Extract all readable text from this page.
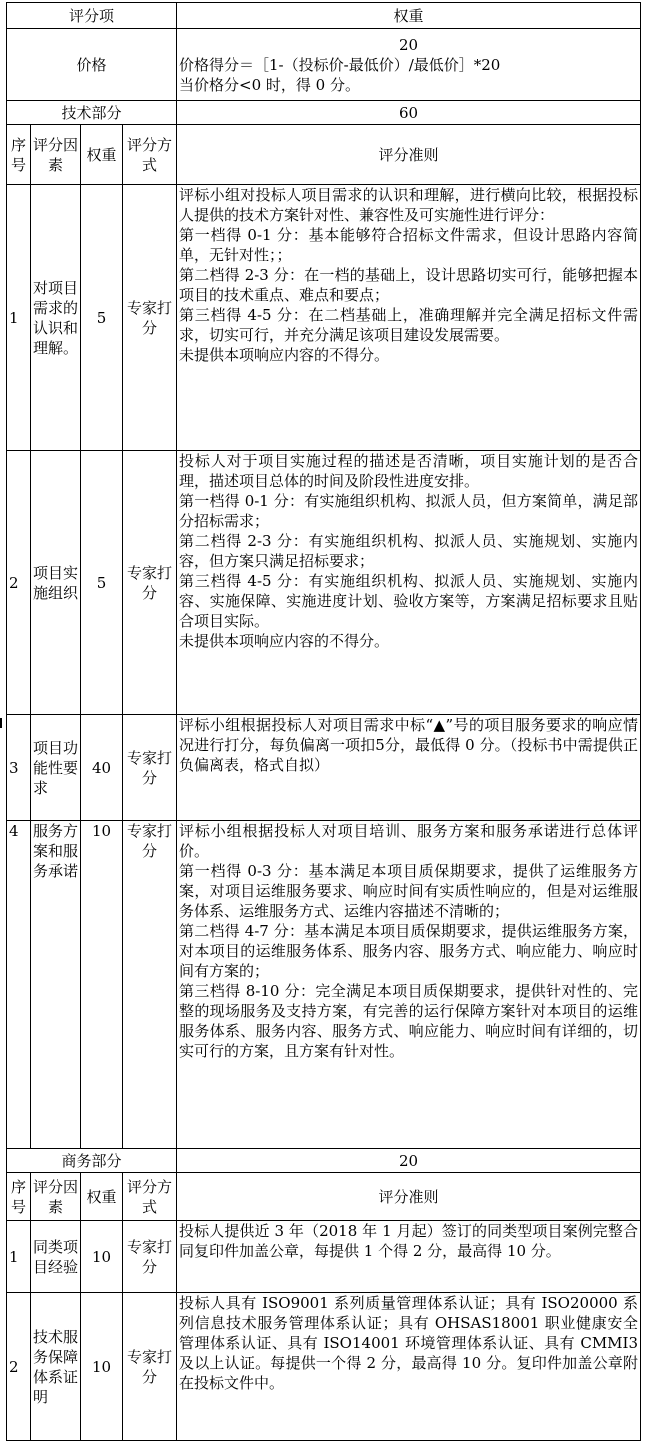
评分项				权重
价格				20
价格得分＝［1-（投标价-最低价）/最低价］*20
当价格分<0 时，得 0 分。

技术部分				60
序号	评分因素	权重	评分方式	评分准则
1	对项目需求的认识和理解。	5	专家打分	评标小组对投标人项目需求的认识和理解，进行横向比较，根据投标人提供的技术方案针对性、兼容性及可实施性进行评分：
第一档得 0-1 分：基本能够符合招标文件需求，但设计思路内容简单，无针对性；；
第二档得 2-3 分：在一档的基础上，设计思路切实可行，能够把握本项目的技术重点、难点和要点；
第三档得 4-5 分：在二档基础上，准确理解并完全满足招标文件需求，切实可行，并充分满足该项目建设发展需要。
未提供本项响应内容的不得分。
2	项目实施组织	5	专家打分	投标人对于项目实施过程的描述是否清晰，项目实施计划的是否合理，描述项目总体的时间及阶段性进度安排。
第一档得 0-1 分：有实施组织机构、拟派人员，但方案简单，满足部分招标需求；
第二档得 2-3 分：有实施组织机构、拟派人员、实施规划、实施内容，但方案只满足招标要求；
第三档得 4-5 分：有实施组织机构、拟派人员、实施规划、实施内容、实施保障、实施进度计划、验收方案等，方案满足招标要求且贴合项目实际。
未提供本项响应内容的不得分。
3	项目功能性要求	40	专家打分	评标小组根据投标人对项目需求中标“▲”号的项目服务要求的响应情况进行打分，每负偏离一项扣5分，最低得 0 分。（投标书中需提供正负偏离表，格式自拟）
4	服务方案和服务承诺	10	专家打分	评标小组根据投标人对项目培训、服务方案和服务承诺进行总体评价。
第一档得 0-3 分：基本满足本项目质保期要求，提供了运维服务方案，对项目运维服务要求、响应时间有实质性响应的，但是对运维服务体系、运维服务方式、运维内容描述不清晰的；
第二档得 4-7 分：基本满足本项目质保期要求，提供运维服务方案，对本项目的运维服务体系、服务内容、服务方式、响应能力、响应时间有方案的；
第三档得 8-10 分：完全满足本项目质保期要求，提供针对性的、完整的现场服务及支持方案，有完善的运行保障方案针对本项目的运维服务体系、服务内容、服务方式、响应能力、响应时间有详细的，切实可行的方案，且方案有针对性。
商务部分				20
序号	评分因素	权重	评分方式	评分准则
1	同类项目经验	10	专家打分	投标人提供近 3 年（2018 年 1 月起）签订的同类型项目案例完整合同复印件加盖公章，每提供 1 个得 2 分，最高得 10 分。
2	技术服务保障体系证明	10	专家打分	投标人具有 ISO9001 系列质量管理体系认证；具有 ISO20000 系列信息技术服务管理体系认证；具有 OHSAS18001 职业健康安全管理体系认证、具有 ISO14001 环境管理体系认证、具有 CMMI3 及以上认证。每提供一个得 2 分，最高得 10 分。复印件加盖公章附在投标文件中。
